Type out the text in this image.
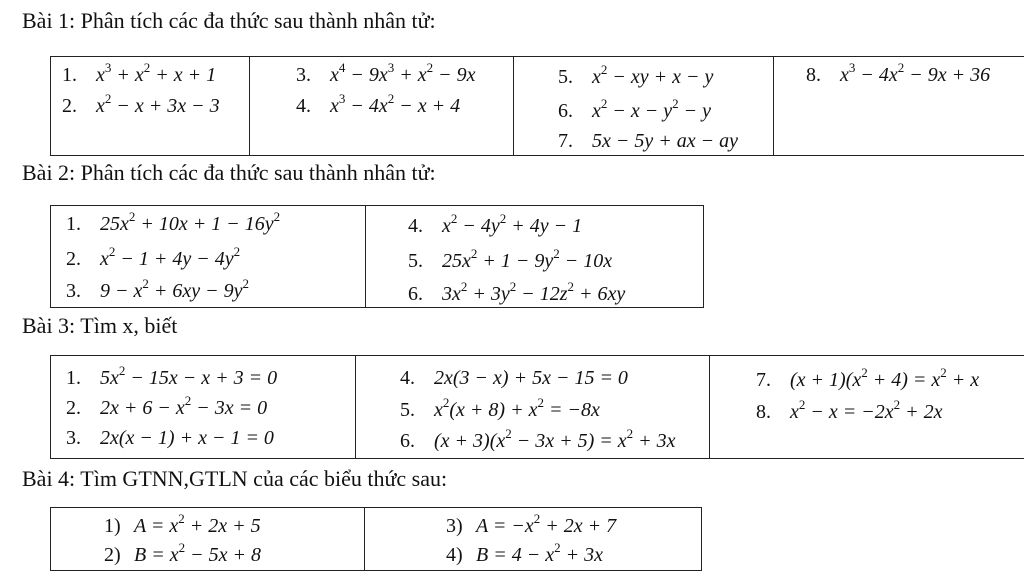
Bài 1: Phân tích các đa thức sau thành nhân tử:
1. $x^3 + x^2 + x + 1$
2. $x^2 - x + 3x - 3$
3. $x^4 - 9x^3 + x^2 - 9x$
4. $x^3 - 4x^2 - x + 4$
5. $x^2$ − xy + x − y
6. $x^2 - x - y^2 - y$
7. 5x − 5y + ax − ay
8. $x^3 - 4x^2 - 9x + 36$
Bài 2: Phân tích các đa thức sau thành nhân tử:
1. $25x^2 + 10x + 1 - 16y^2$
2. $x^2 - 1 + 4y - 4y^2$
3. $9 - x^2 + 6xy - 9y^2$
4. $x^2 - 4y^2 + 4y - 1$
5. $25x^2 + 1 - 9y^2 - 10x$
6. $3x^2 + 3y^2 - 12z^2 + 6xy$
Bài 3: Tìm x, biết
1. $5x^2 - 15x - x + 3 = 0$
2. $2x + 6 - x^2 - 3x = 0$
3. 2x(x − 1) + x − 1 = 0
4. 2x(3 − x) + 5x − 15 = 0
5. $x^2(x + 8) + x^2 = -8x$
6. $(x + 3)(x^2 - 3x + 5) = x^2 + 3x$
7. $(x + 1)(x^2 + 4) = x^2 + x$
8. $x^2 - x = -2x^2 + 2x$
Bài 4: Tìm GTNN,GTLN của các biểu thức sau:
1) $A = x^2 + 2x + 5$
2) $B = x^2 - 5x + 8$
3) $A = -x^2 + 2x + 7$
4) $B = 4 - x^2 + 3x$
